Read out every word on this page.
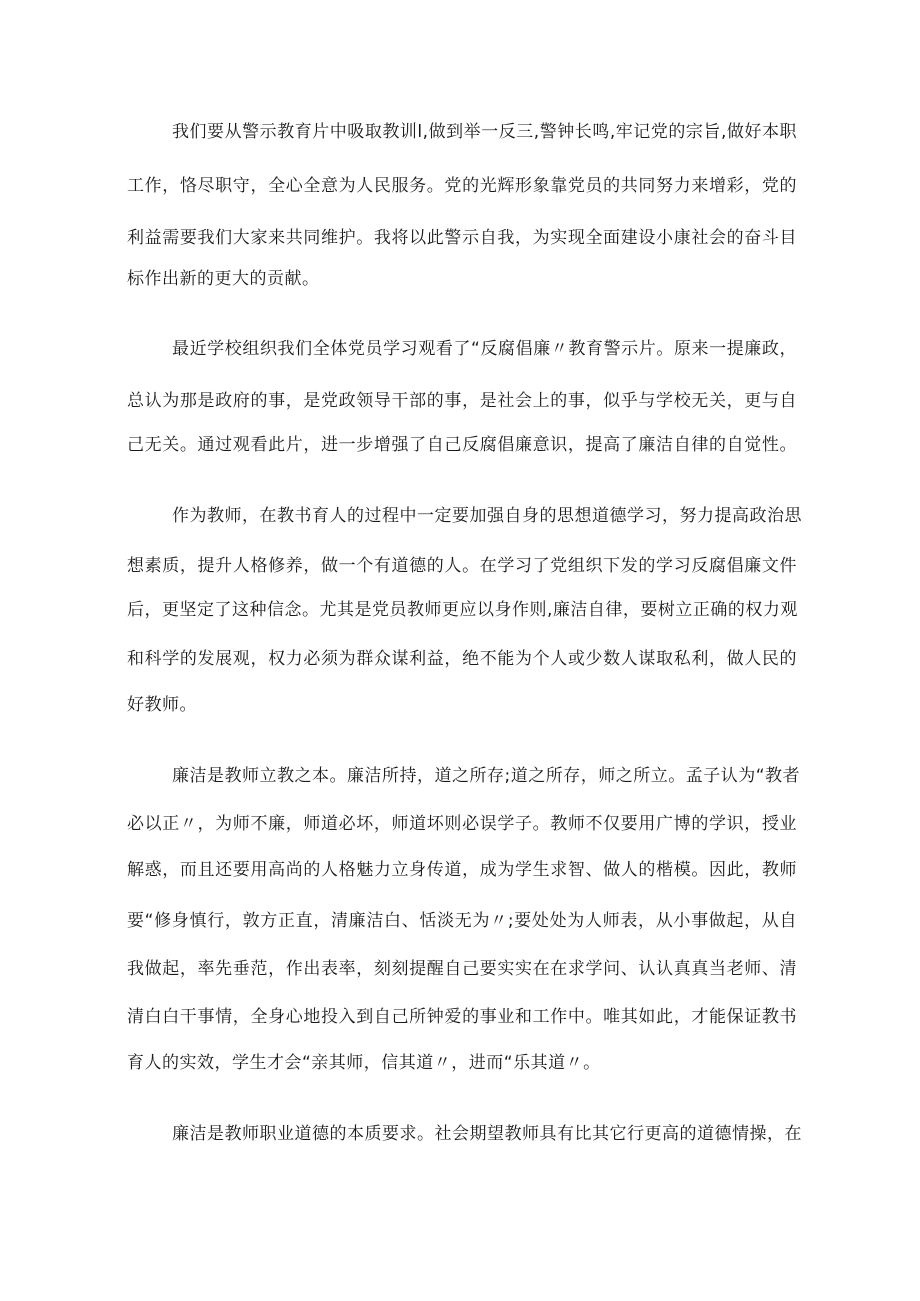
我们要从警示教育片中吸取教训l,做到举一反三,警钟长鸣,牢记党的宗旨,做好本职
工作，恪尽职守，全心全意为人民服务。党的光辉形象靠党员的共同努力来增彩，党的
利益需要我们大家来共同维护。我将以此警示自我，为实现全面建设小康社会的奋斗目
标作出新的更大的贡献。
最近学校组织我们全体党员学习观看了“反腐倡廉〃教育警示片。原来一提廉政，
总认为那是政府的事，是党政领导干部的事，是社会上的事，似乎与学校无关，更与自
己无关。通过观看此片，进一步增强了自己反腐倡廉意识，提高了廉洁自律的自觉性。
作为教师，在教书育人的过程中一定要加强自身的思想道德学习，努力提高政治思
想素质，提升人格修养，做一个有道德的人。在学习了党组织下发的学习反腐倡廉文件
后，更坚定了这种信念。尤其是党员教师更应以身作则,廉洁自律，要树立正确的权力观
和科学的发展观，权力必须为群众谋利益，绝不能为个人或少数人谋取私利，做人民的
好教师。
廉洁是教师立教之本。廉洁所持，道之所存;道之所存，师之所立。孟子认为“教者
必以正〃，为师不廉，师道必坏，师道坏则必误学子。教师不仅要用广博的学识，授业
解惑，而且还要用高尚的人格魅力立身传道，成为学生求智、做人的楷模。因此，教师
要“修身慎行，敦方正直，清廉洁白、恬淡无为〃;要处处为人师表，从小事做起，从自
我做起，率先垂范，作出表率，刻刻提醒自己要实实在在求学问、认认真真当老师、清
清白白干事情，全身心地投入到自己所钟爱的事业和工作中。唯其如此，才能保证教书
育人的实效，学生才会“亲其师，信其道〃，进而“乐其道〃。
廉洁是教师职业道德的本质要求。社会期望教师具有比其它行更高的道德情操，在
